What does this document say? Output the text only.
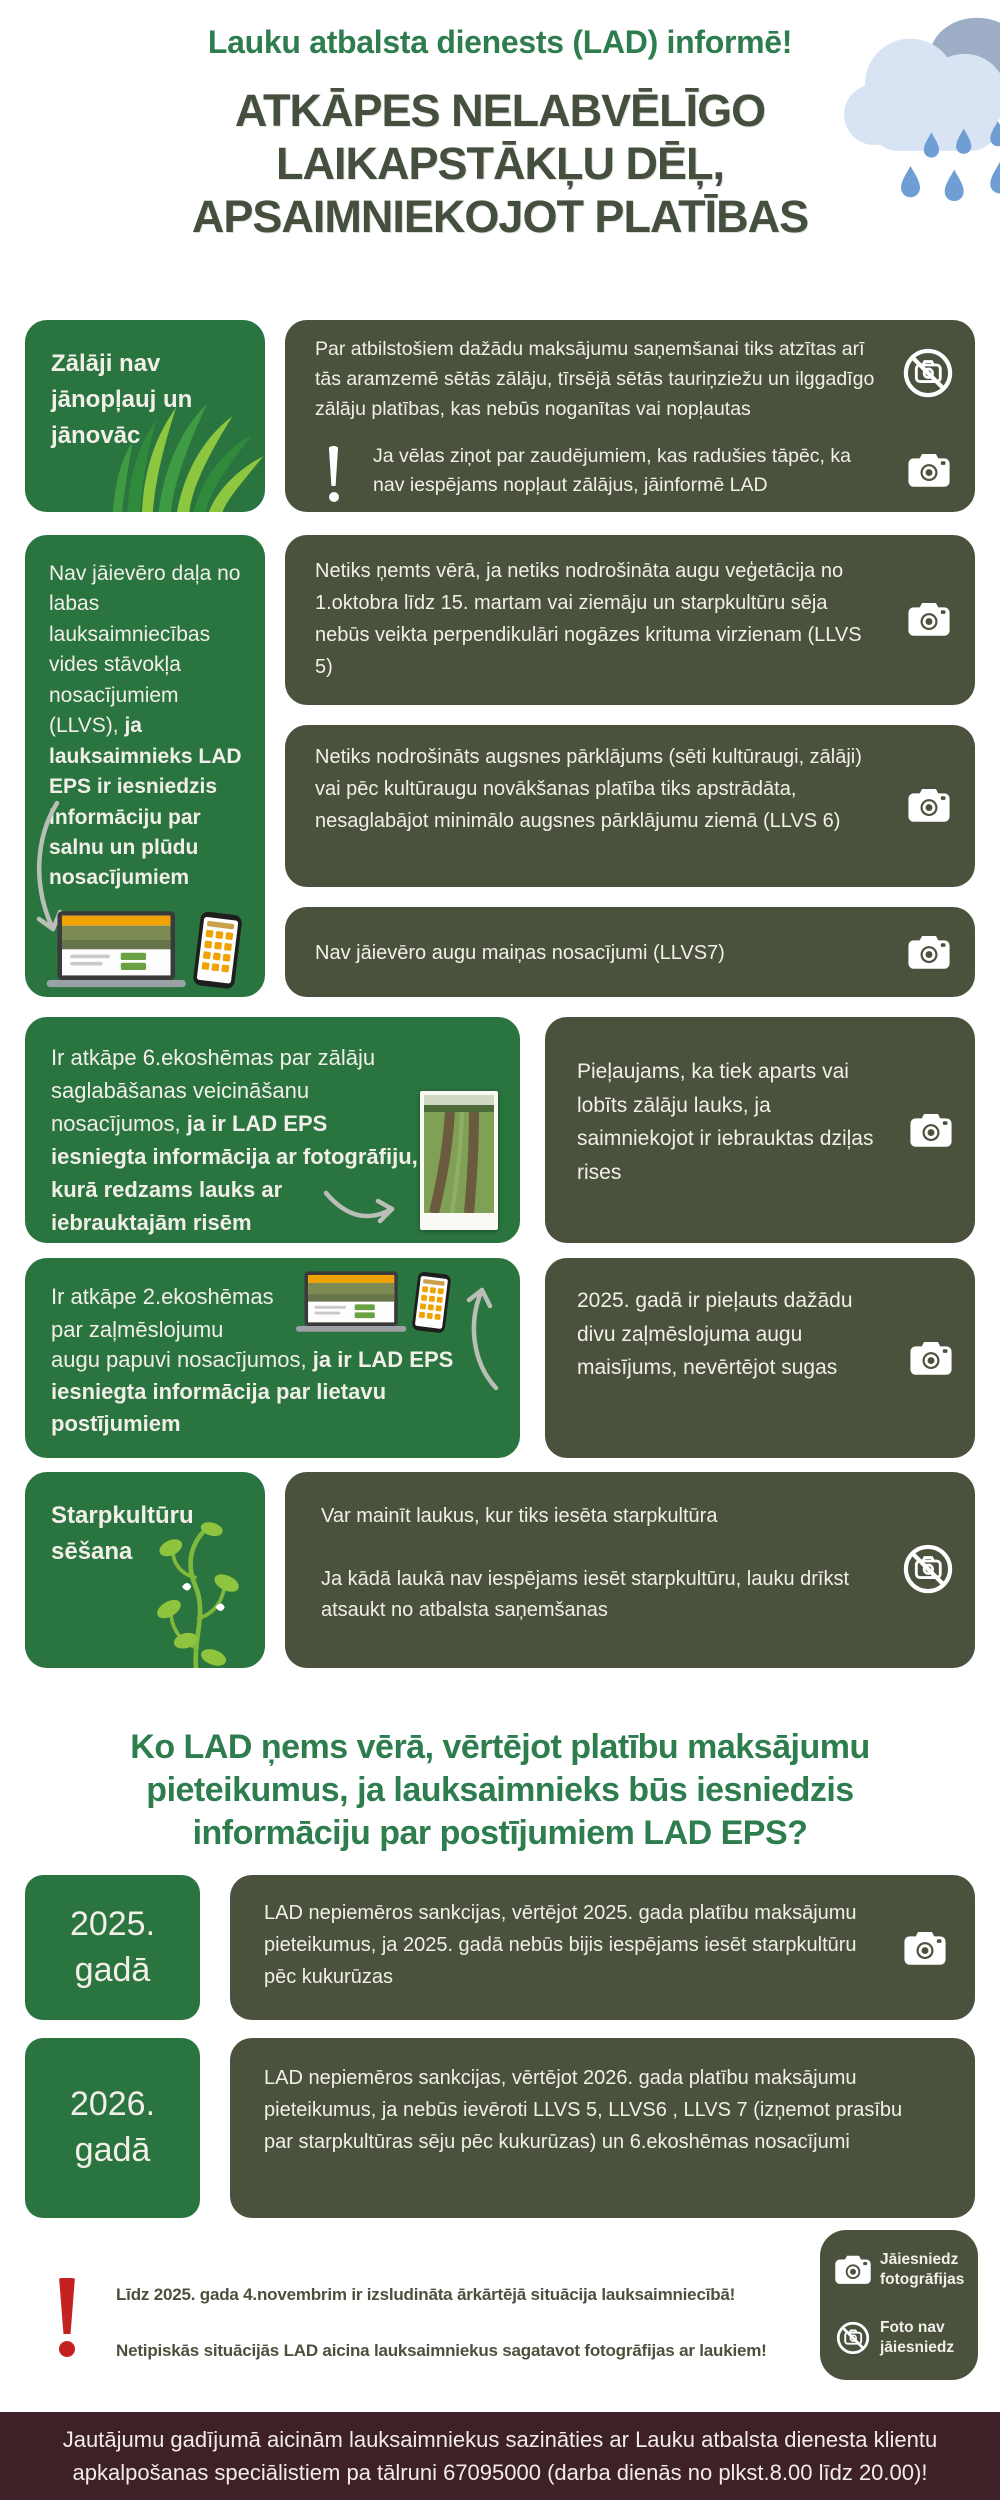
Lauku atbalsta dienests (LAD) informē!
ATKĀPES NELABVĒLĪGO
LAIKAPSTĀKĻU DĒĻ,
APSAIMNIEKOJOT PLATĪBAS
Zālāji nav jānopļauj un jānovāc
Par atbilstošiem dažādu maksājumu saņemšanai tiks atzītas arī tās aramzemē sētās zālāju, tīrsējā sētās tauriņziežu un ilggadīgo zālāju platības, kas nebūs noganītas vai nopļautas
Ja vēlas ziņot par zaudējumiem, kas radušies tāpēc, ka nav iespējams nopļaut zālājus, jāinformē LAD
Nav jāievēro daļa no labas lauksaimniecības vides stāvokļa nosacījumiem (LLVS), ja lauksaimnieks LAD EPS ir iesniedzis informāciju par salnu un plūdu nosacījumiem
Netiks ņemts vērā, ja netiks nodrošināta augu veģetācija no 1.oktobra līdz 15. martam vai ziemāju un starpkultūru sēja nebūs veikta perpendikulāri nogāzes krituma virzienam (LLVS 5)
Netiks nodrošināts augsnes pārklājums (sēti kultūraugi, zālāji) vai pēc kultūraugu novākšanas platība tiks apstrādāta, nesaglabājot minimālo augsnes pārklājumu ziemā (LLVS 6)
Nav jāievēro augu maiņas nosacījumi (LLVS7)
Ir atkāpe 6.ekoshēmas par zālāju saglabāšanas veicināšanu nosacījumos, ja ir LAD EPS iesniegta informācija ar fotogrāfiju, kurā redzams lauks ar iebrauktajām risēm
Pieļaujams, ka tiek aparts vai lobīts zālāju lauks, ja saimniekojot ir iebrauktas dziļas rises
Ir atkāpe 2.ekoshēmas par zaļmēslojumu
augu papuvi nosacījumos, ja ir LAD EPS iesniegta informācija par lietavu postījumiem
2025. gadā ir pieļauts dažādu divu zaļmēslojuma augu maisījums, nevērtējot sugas
Starpkultūru sēšana
Var mainīt laukus, kur tiks iesēta starpkultūra
Ja kādā laukā nav iespējams iesēt starpkultūru, lauku drīkst atsaukt no atbalsta saņemšanas
Ko LAD ņems vērā, vērtējot platību maksājumu pieteikumus, ja lauksaimnieks būs iesniedzis informāciju par postījumiem LAD EPS?
2025.
gadā
LAD nepiemēros sankcijas, vērtējot 2025. gada platību maksājumu pieteikumus, ja 2025. gadā nebūs bijis iespējams iesēt starpkultūru pēc kukurūzas
2026.
gadā
LAD nepiemēros sankcijas, vērtējot 2026. gada platību maksājumu pieteikumus, ja nebūs ievēroti LLVS 5, LLVS6 , LLVS 7 (izņemot prasību par starpkultūras sēju pēc kukurūzas) un 6.ekoshēmas nosacījumi
Līdz 2025. gada 4.novembrim ir izsludināta ārkārtējā situācija lauksaimniecībā!
Netipiskās situācijās LAD aicina lauksaimniekus sagatavot fotogrāfijas ar laukiem!
Jāiesniedz fotogrāfijas
Foto nav jāiesniedz
Jautājumu gadījumā aicinām lauksaimniekus sazināties ar Lauku atbalsta dienesta klientu apkalpošanas speciālistiem pa tālruni 67095000 (darba dienās no plkst.8.00 līdz 20.00)!
